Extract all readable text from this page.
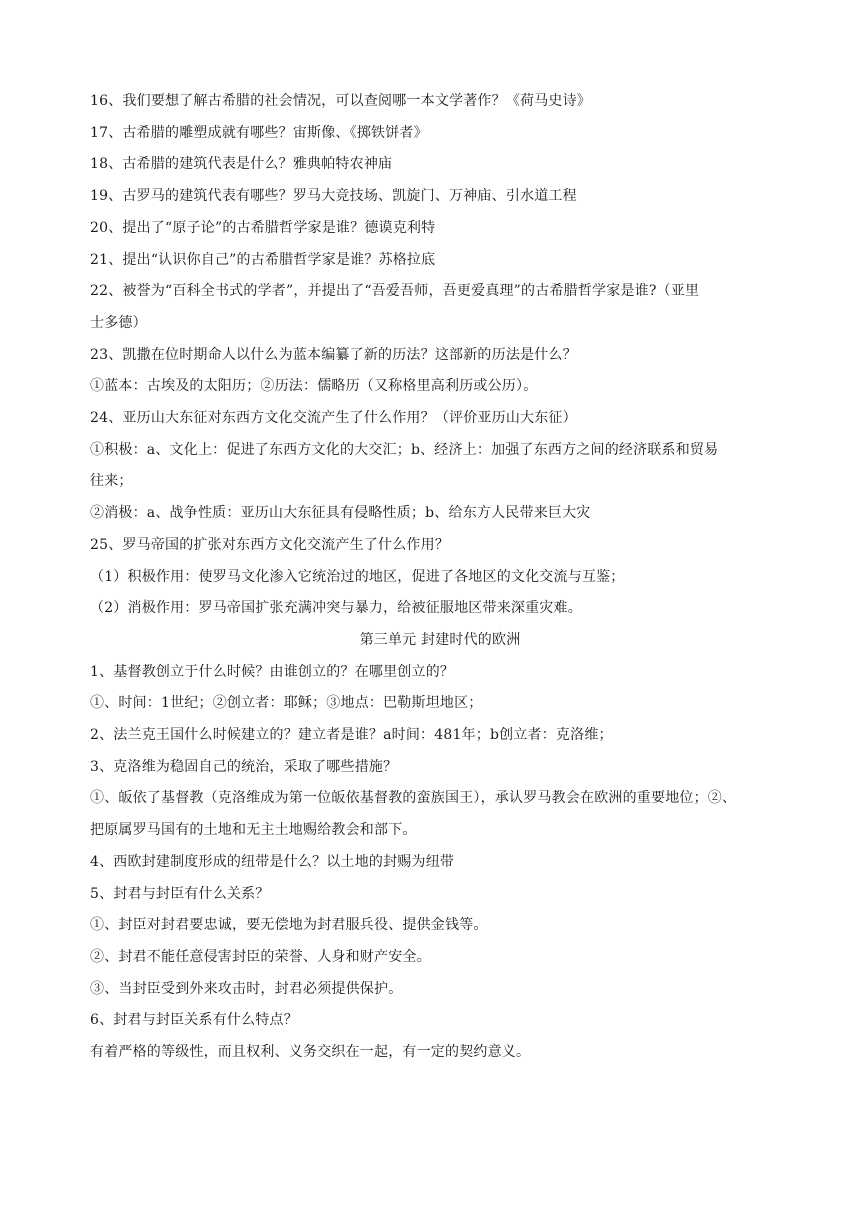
16、我们要想了解古希腊的社会情况，可以查阅哪一本文学著作？《荷马史诗》
17、古希腊的雕塑成就有哪些？宙斯像、《掷铁饼者》
18、古希腊的建筑代表是什么？雅典帕特农神庙
19、古罗马的建筑代表有哪些？罗马大竞技场、凯旋门、万神庙、引水道工程
20、提出了“原子论”的古希腊哲学家是谁？德谟克利特
21、提出“认识你自己”的古希腊哲学家是谁？苏格拉底
22、被誉为“百科全书式的学者”，并提出了“吾爱吾师，吾更爱真理”的古希腊哲学家是谁?（亚里
士多德）
23、凯撒在位时期命人以什么为蓝本编纂了新的历法？这部新的历法是什么？
①蓝本：古埃及的太阳历；②历法：儒略历（又称格里高利历或公历）。
24、亚历山大东征对东西方文化交流产生了什么作用？（评价亚历山大东征）
①积极：a、文化上：促进了东西方文化的大交汇；b、经济上：加强了东西方之间的经济联系和贸易
往来；
②消极：a、战争性质：亚历山大东征具有侵略性质；b、给东方人民带来巨大灾
25、罗马帝国的扩张对东西方文化交流产生了什么作用？
（1）积极作用：使罗马文化渗入它统治过的地区，促进了各地区的文化交流与互鉴；
（2）消极作用：罗马帝国扩张充满冲突与暴力，给被征服地区带来深重灾难。
第三单元 封建时代的欧洲
1、基督教创立于什么时候？由谁创立的？在哪里创立的？
①、时间：1世纪；②创立者：耶稣；③地点：巴勒斯坦地区；
2、法兰克王国什么时候建立的？建立者是谁？a时间：481年；b创立者：克洛维；
3、克洛维为稳固自己的统治，采取了哪些措施？
①、皈依了基督教（克洛维成为第一位皈依基督教的蛮族国王），承认罗马教会在欧洲的重要地位；②、
把原属罗马国有的土地和无主土地赐给教会和部下。
4、西欧封建制度形成的纽带是什么？以土地的封赐为纽带
5、封君与封臣有什么关系？
①、封臣对封君要忠诚，要无偿地为封君服兵役、提供金钱等。
②、封君不能任意侵害封臣的荣誉、人身和财产安全。
③、当封臣受到外来攻击时，封君必须提供保护。
6、封君与封臣关系有什么特点？
有着严格的等级性，而且权利、义务交织在一起，有一定的契约意义。
